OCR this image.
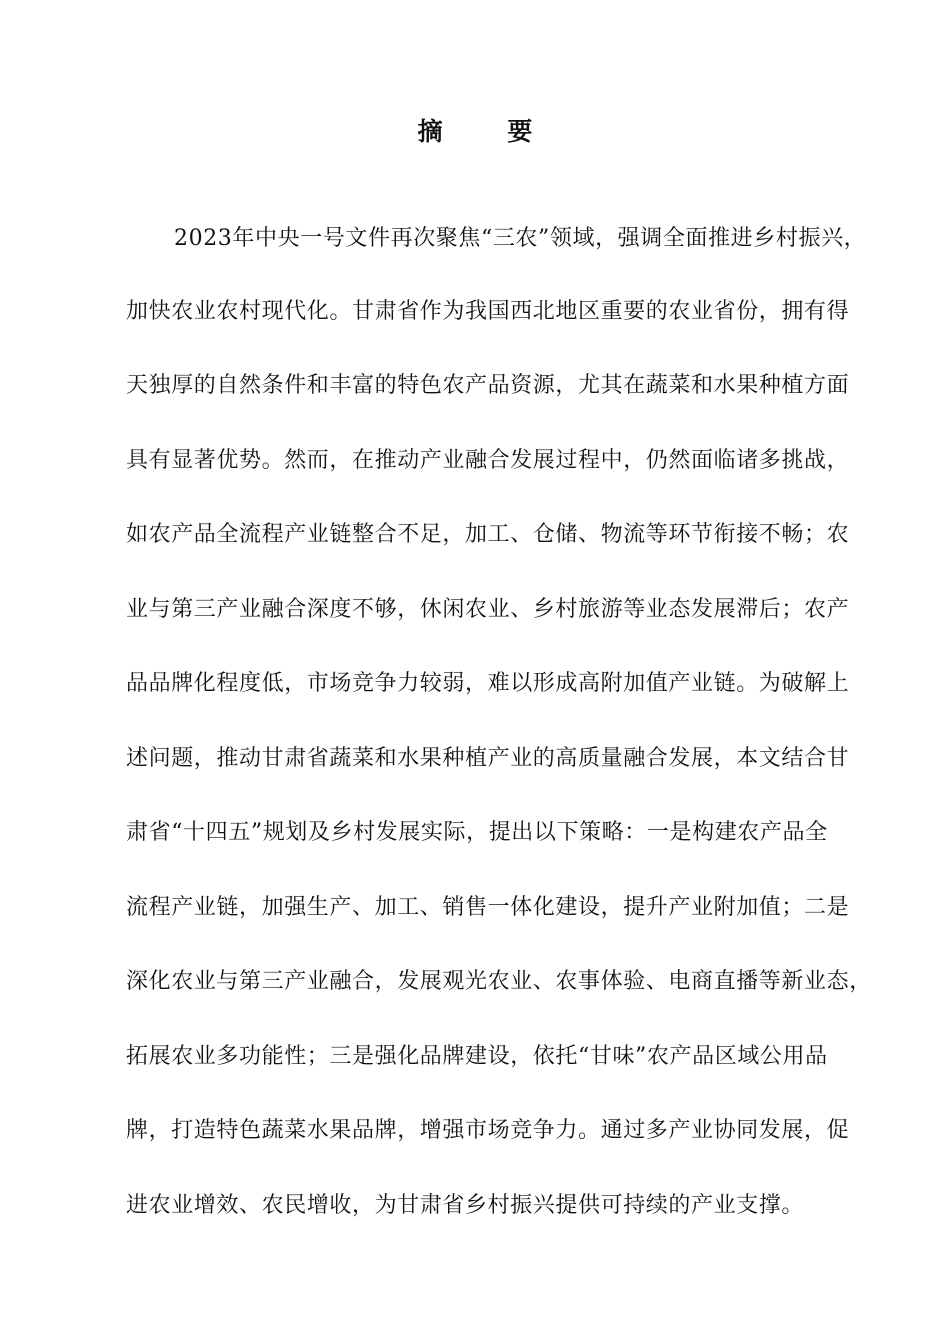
摘 要
2023年中央一号文件再次聚焦“三农”领域，强调全面推进乡村振兴，
加快农业农村现代化。甘肃省作为我国西北地区重要的农业省份，拥有得
天独厚的自然条件和丰富的特色农产品资源，尤其在蔬菜和水果种植方面
具有显著优势。然而，在推动产业融合发展过程中，仍然面临诸多挑战，
如农产品全流程产业链整合不足，加工、仓储、物流等环节衔接不畅；农
业与第三产业融合深度不够，休闲农业、乡村旅游等业态发展滞后；农产
品品牌化程度低，市场竞争力较弱，难以形成高附加值产业链。为破解上
述问题，推动甘肃省蔬菜和水果种植产业的高质量融合发展，本文结合甘
肃省“十四五”规划及乡村发展实际，提出以下策略：一是构建农产品全
流程产业链，加强生产、加工、销售一体化建设，提升产业附加值；二是
深化农业与第三产业融合，发展观光农业、农事体验、电商直播等新业态，
拓展农业多功能性；三是强化品牌建设，依托“甘味”农产品区域公用品
牌，打造特色蔬菜水果品牌，增强市场竞争力。通过多产业协同发展，促
进农业增效、农民增收，为甘肃省乡村振兴提供可持续的产业支撑。
